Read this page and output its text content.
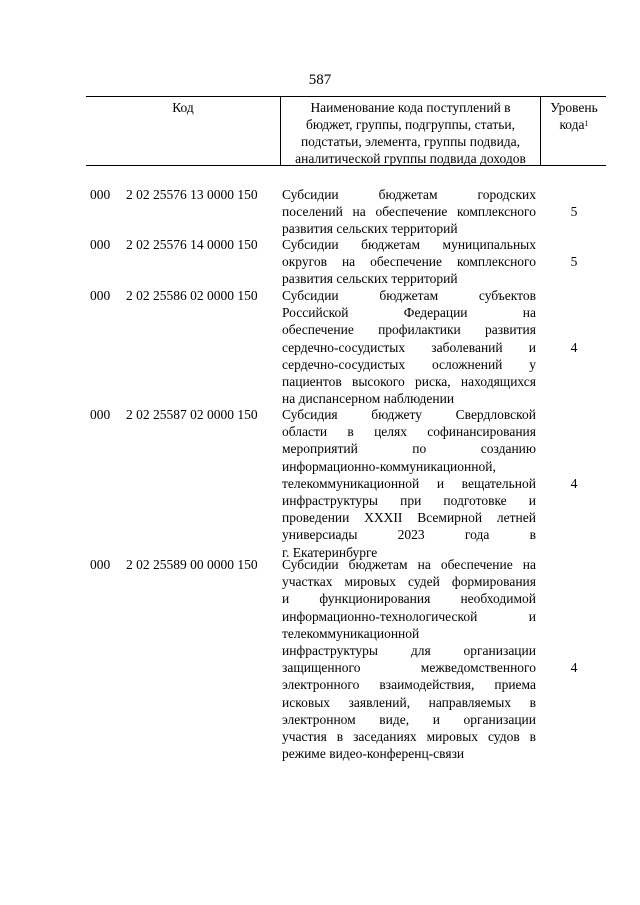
587
Код	Наименование кода поступлений в
бюджет, группы, подгруппы, статьи,
подстатьи, элемента, группы подвида,
аналитической группы подвида доходов
Уровень
кода$^1$
000 2 02 25576 13 0000 150 Субсидии бюджетам городских
поселений на обеспечение комплексного
развития сельских территорий
5
000 2 02 25576 14 0000 150 Субсидии бюджетам муниципальных
округов на обеспечение комплексного
развития сельских территорий
5
000 2 02 25586 02 0000 150 Субсидии бюджетам субъектов
Российской Федерации на
обеспечение профилактики развития
сердечно-сосудистых заболеваний и
сердечно-сосудистых осложнений у
пациентов высокого риска, находящихся
на диспансерном наблюдении
4
000 2 02 25587 02 0000 150 Субсидия бюджету Свердловской
области в целях софинансирования
мероприятий по созданию
информационно-коммуникационной,
телекоммуникационной и вещательной
инфраструктуры при подготовке и
проведении XXXII Всемирной летней
универсиады 2023 года в
г. Екатеринбурге
4
000 2 02 25589 00 0000 150 Субсидии бюджетам на обеспечение на
участках мировых судей формирования
и функционирования необходимой
информационно-технологической и
телекоммуникационной
инфраструктуры для организации
защищенного межведомственного
электронного взаимодействия, приема
исковых заявлений, направляемых в
электронном виде, и организации
участия в заседаниях мировых судов в
режиме видео-конференц-связи
4
